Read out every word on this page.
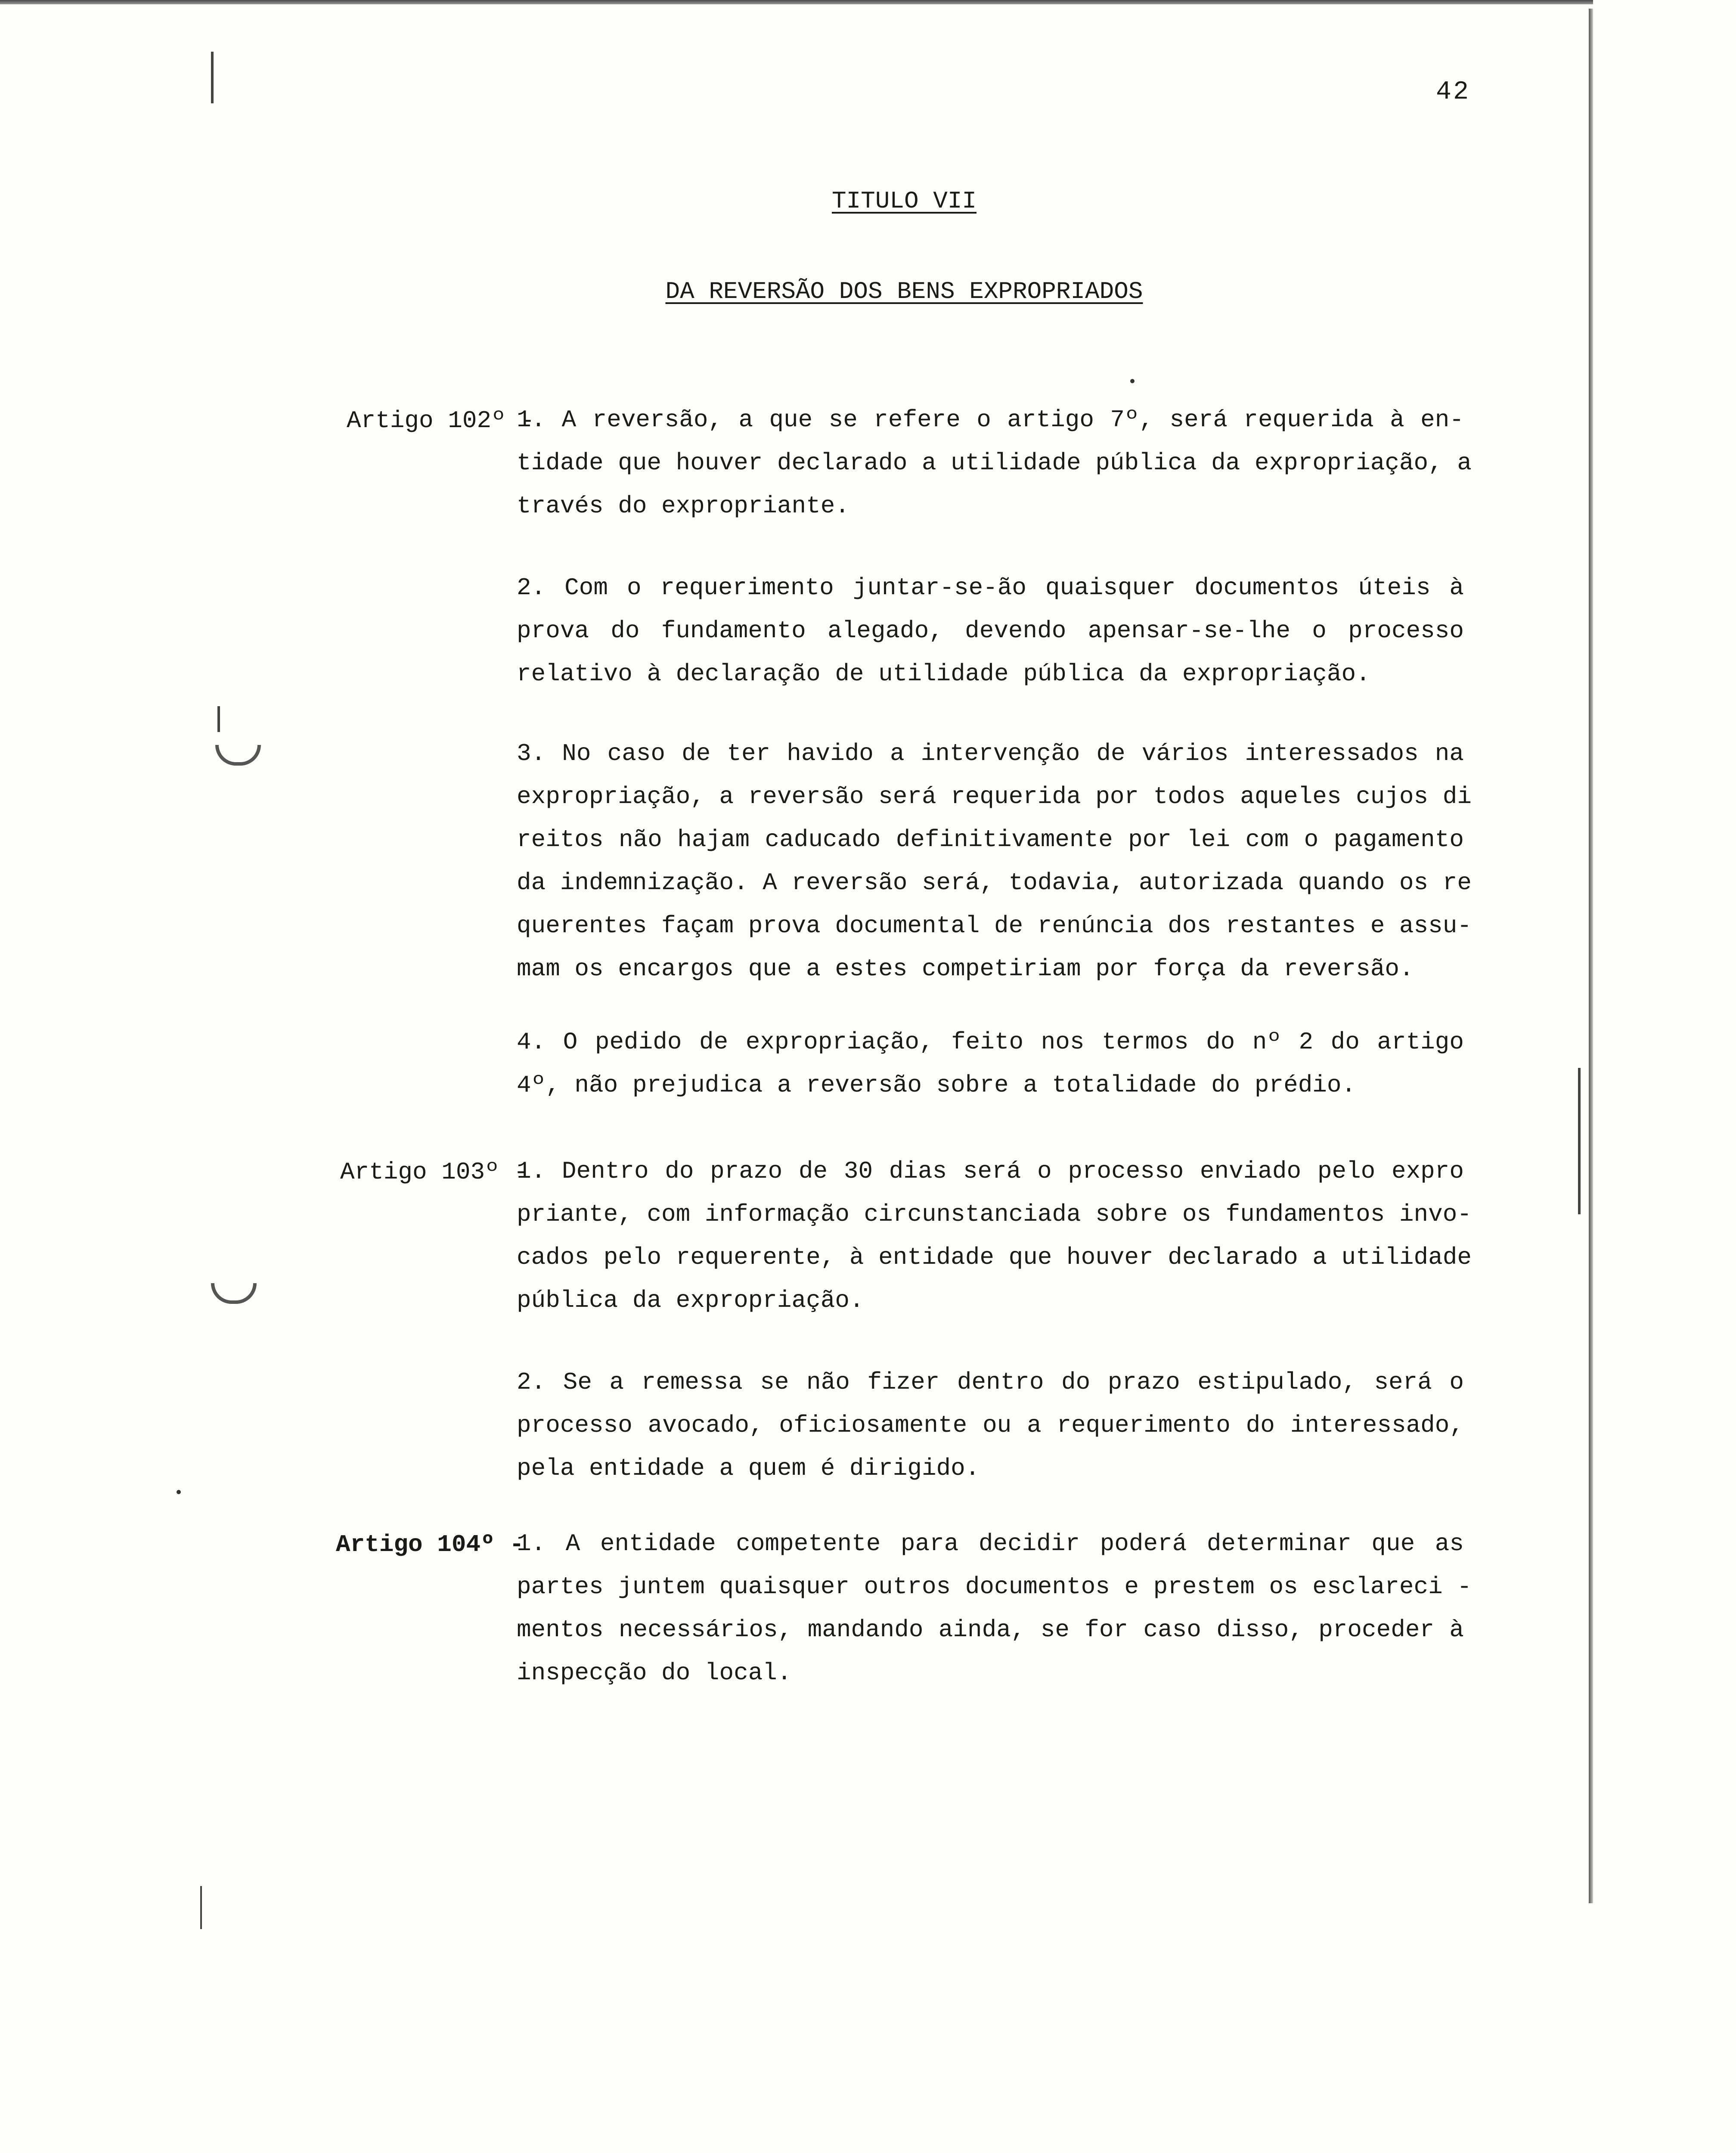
42
TITULO VII
DA REVERSÃO DOS BENS EXPROPRIADOS
Artigo 102º -
1. A reversão, a que se refere o artigo 7º, será requerida à en-
tidade que houver declarado a utilidade pública da expropriação, a
través do expropriante.
2. Com o requerimento juntar-se-ão quaisquer documentos úteis à
prova do fundamento alegado, devendo apensar-se-lhe o processo
relativo à declaração de utilidade pública da expropriação.
3. No caso de ter havido a intervenção de vários interessados na
expropriação, a reversão será requerida por todos aqueles cujos di
reitos não hajam caducado definitivamente por lei com o pagamento
da indemnização. A reversão será, todavia, autorizada quando os re
querentes façam prova documental de renúncia dos restantes e assu-
mam os encargos que a estes competiriam por força da reversão.
4. O pedido de expropriação, feito nos termos do nº 2 do artigo
4º, não prejudica a reversão sobre a totalidade do prédio.
Artigo 103º -
1. Dentro do prazo de 30 dias será o processo enviado pelo expro
priante, com informação circunstanciada sobre os fundamentos invo-
cados pelo requerente, à entidade que houver declarado a utilidade
pública da expropriação.
2. Se a remessa se não fizer dentro do prazo estipulado, será o
processo avocado, oficiosamente ou a requerimento do interessado,
pela entidade a quem é dirigido.
Artigo 104º -
1. A entidade competente para decidir poderá determinar que as
partes juntem quaisquer outros documentos e prestem os esclareci -
mentos necessários, mandando ainda, se for caso disso, proceder à
inspecção do local.
